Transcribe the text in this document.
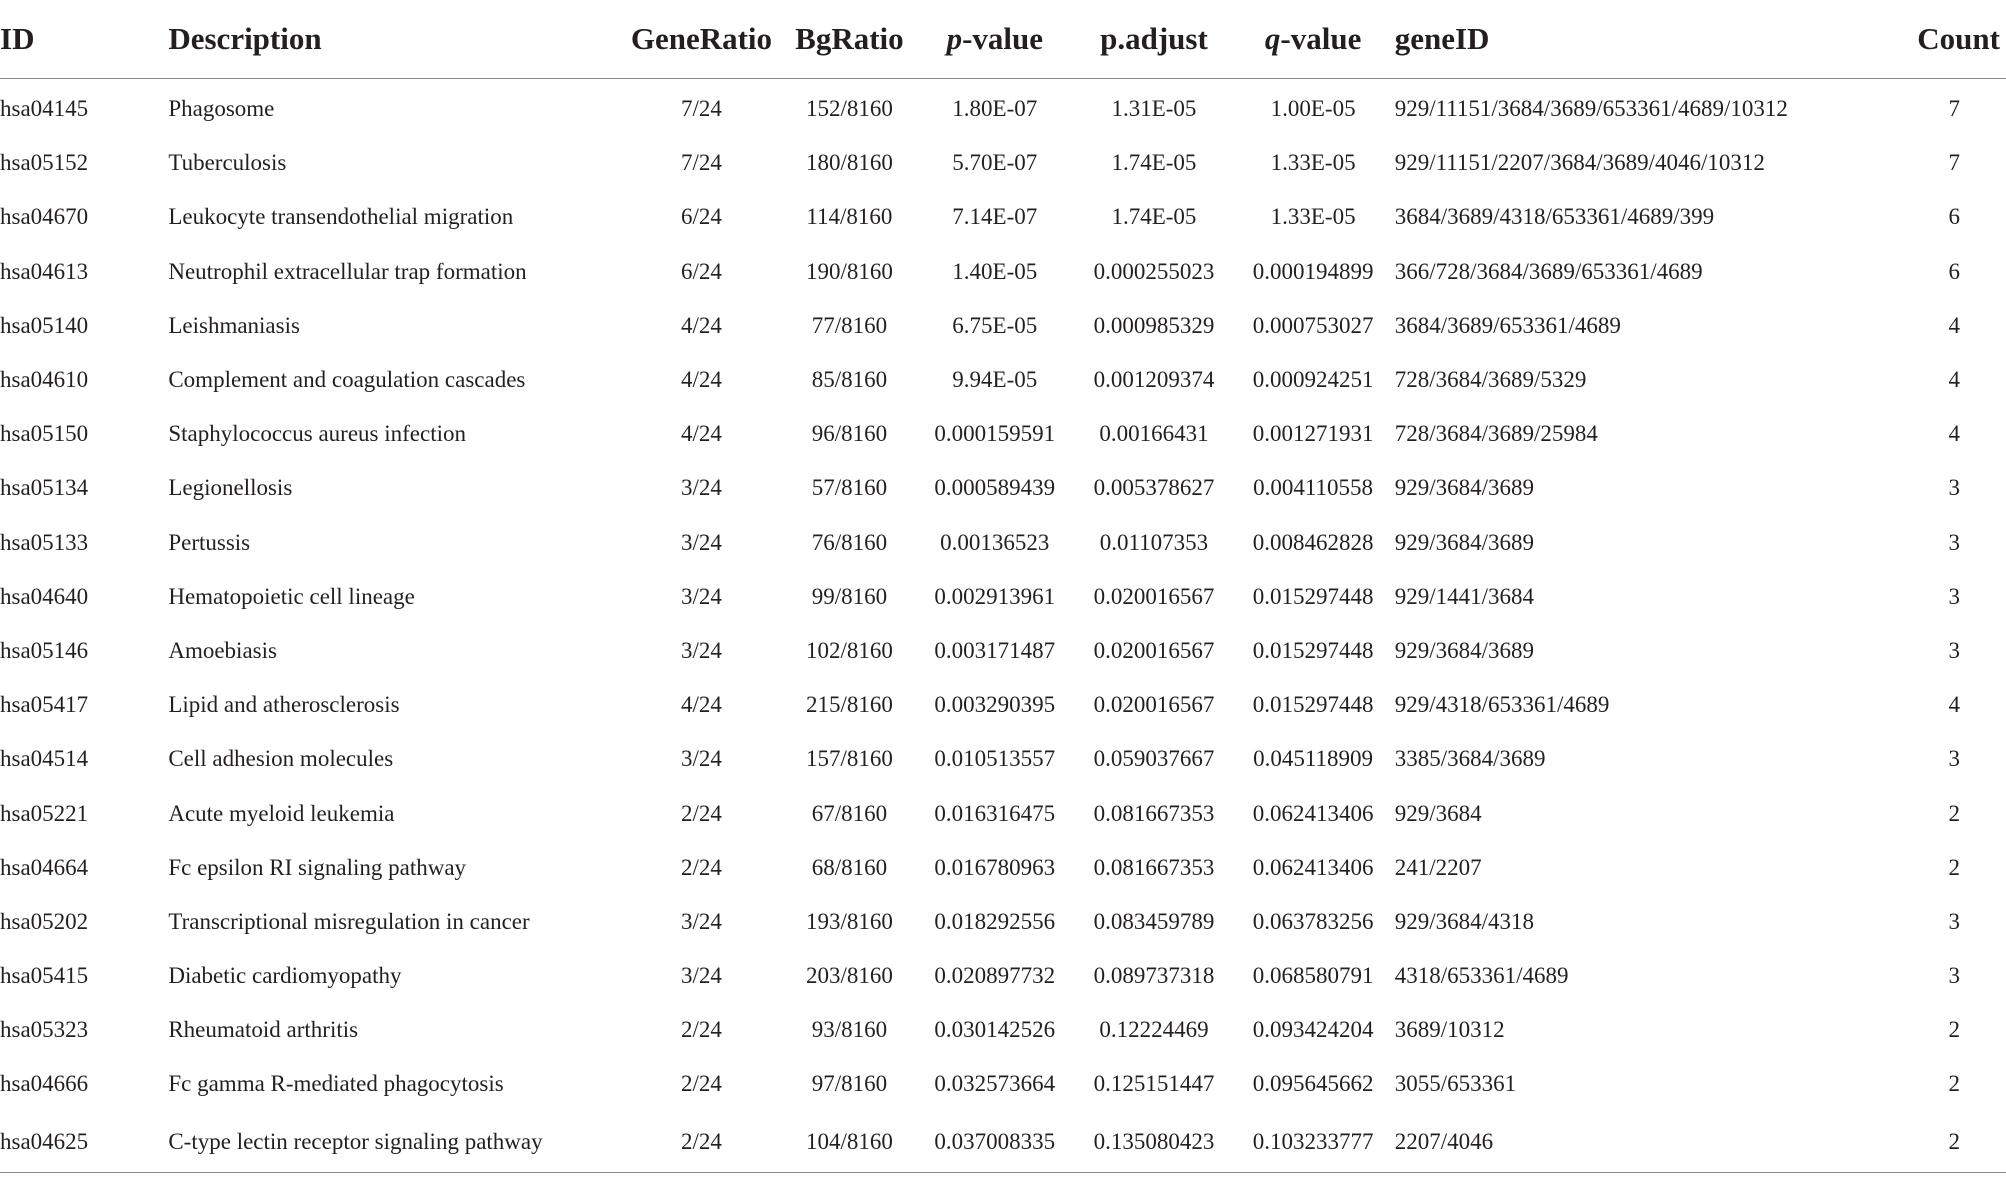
ID	Description	GeneRatio	BgRatio	p-value	p.adjust	q-value	geneID	Count
hsa04145	Phagosome	7/24	152/8160	1.80E-07	1.31E-05	1.00E-05	929/11151/3684/3689/653361/4689/10312	7
hsa05152	Tuberculosis	7/24	180/8160	5.70E-07	1.74E-05	1.33E-05	929/11151/2207/3684/3689/4046/10312	7
hsa04670	Leukocyte transendothelial migration	6/24	114/8160	7.14E-07	1.74E-05	1.33E-05	3684/3689/4318/653361/4689/399	6
hsa04613	Neutrophil extracellular trap formation	6/24	190/8160	1.40E-05	0.000255023	0.000194899	366/728/3684/3689/653361/4689	6
hsa05140	Leishmaniasis	4/24	77/8160	6.75E-05	0.000985329	0.000753027	3684/3689/653361/4689	4
hsa04610	Complement and coagulation cascades	4/24	85/8160	9.94E-05	0.001209374	0.000924251	728/3684/3689/5329	4
hsa05150	Staphylococcus aureus infection	4/24	96/8160	0.000159591	0.00166431	0.001271931	728/3684/3689/25984	4
hsa05134	Legionellosis	3/24	57/8160	0.000589439	0.005378627	0.004110558	929/3684/3689	3
hsa05133	Pertussis	3/24	76/8160	0.00136523	0.01107353	0.008462828	929/3684/3689	3
hsa04640	Hematopoietic cell lineage	3/24	99/8160	0.002913961	0.020016567	0.015297448	929/1441/3684	3
hsa05146	Amoebiasis	3/24	102/8160	0.003171487	0.020016567	0.015297448	929/3684/3689	3
hsa05417	Lipid and atherosclerosis	4/24	215/8160	0.003290395	0.020016567	0.015297448	929/4318/653361/4689	4
hsa04514	Cell adhesion molecules	3/24	157/8160	0.010513557	0.059037667	0.045118909	3385/3684/3689	3
hsa05221	Acute myeloid leukemia	2/24	67/8160	0.016316475	0.081667353	0.062413406	929/3684	2
hsa04664	Fc epsilon RI signaling pathway	2/24	68/8160	0.016780963	0.081667353	0.062413406	241/2207	2
hsa05202	Transcriptional misregulation in cancer	3/24	193/8160	0.018292556	0.083459789	0.063783256	929/3684/4318	3
hsa05415	Diabetic cardiomyopathy	3/24	203/8160	0.020897732	0.089737318	0.068580791	4318/653361/4689	3
hsa05323	Rheumatoid arthritis	2/24	93/8160	0.030142526	0.12224469	0.093424204	3689/10312	2
hsa04666	Fc gamma R-mediated phagocytosis	2/24	97/8160	0.032573664	0.125151447	0.095645662	3055/653361	2
hsa04625	C-type lectin receptor signaling pathway	2/24	104/8160	0.037008335	0.135080423	0.103233777	2207/4046	2
